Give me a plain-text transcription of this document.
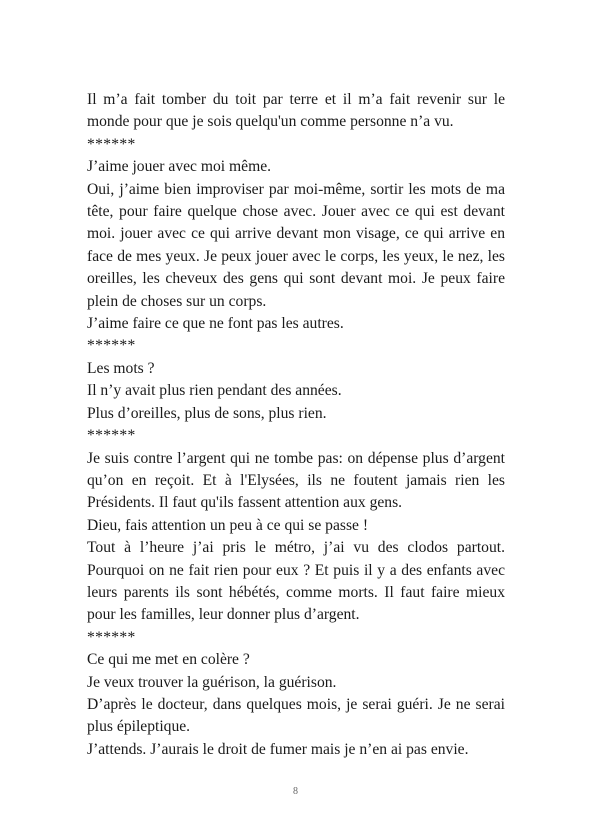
Il m’a fait tomber du toit par terre et il m’a fait revenir sur le monde pour que je sois quelqu'un comme personne n’a vu.

******

J’aime jouer avec moi même.

Oui, j’aime bien improviser par moi-même, sortir les mots de ma tête, pour faire quelque chose avec. Jouer avec ce qui est devant moi. jouer avec ce qui arrive devant mon visage, ce qui arrive en face de mes yeux. Je peux jouer avec le corps, les yeux, le nez, les oreilles, les cheveux des gens qui sont devant moi. Je peux faire plein de choses sur un corps.

J’aime faire ce que ne font pas les autres.

******

Les mots ?

Il n’y avait plus rien pendant des années.

Plus d’oreilles, plus de sons, plus rien.

******

Je suis contre l’argent qui ne tombe pas: on dépense plus d’argent qu’on en reçoit. Et à l'Elysées, ils ne foutent jamais rien les Présidents. Il faut qu'ils fassent attention aux gens.

Dieu, fais attention un peu à ce qui se passe !

Tout à l’heure j’ai pris le métro, j’ai vu des clodos partout. Pourquoi on ne fait rien pour eux ? Et puis il y a des enfants avec leurs parents ils sont hébétés, comme morts. Il faut faire mieux pour les familles, leur donner plus d’argent.

******

Ce qui me met en colère ?

Je veux trouver la guérison, la guérison.

D’après le docteur, dans quelques mois, je serai guéri. Je ne serai plus épileptique.

J’attends. J’aurais le droit de fumer mais je n’en ai pas envie.

8
